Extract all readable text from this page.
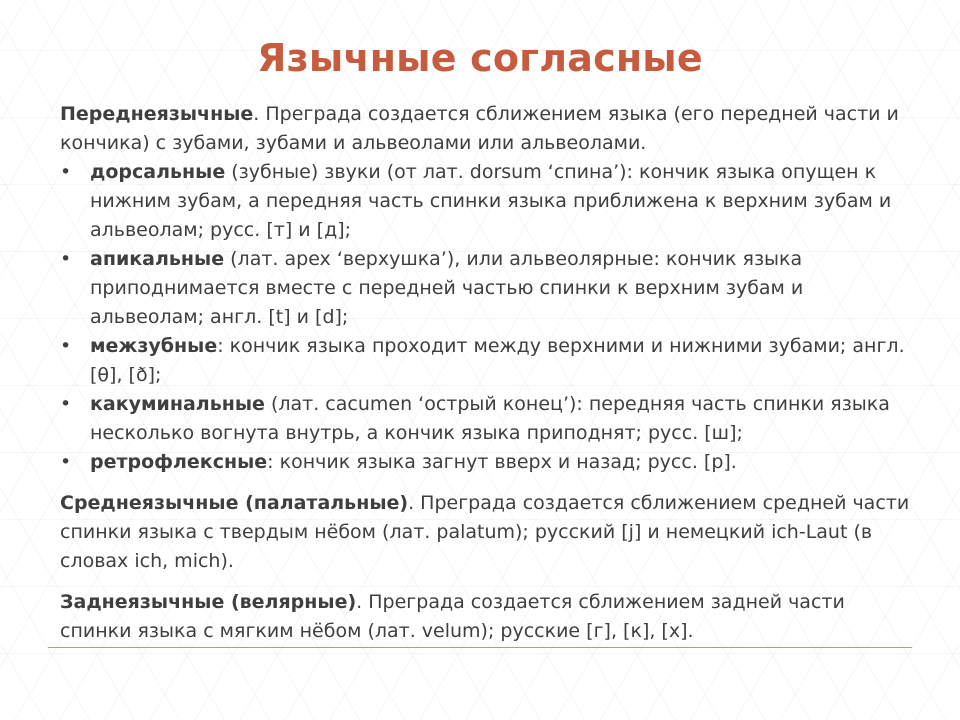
Язычные согласные

Переднеязычные. Преграда создается сближением языка (его передней части и кончика) с зубами, зубами и альвеолами или альвеолами.

• дорсальные (зубные) звуки (от лат. dorsum ‘спина’): кончик языка опущен к нижним зубам, а передняя часть спинки языка приближена к верхним зубам и альвеолам; русс. [т] и [д];
• апикальные (лат. apex ‘верхушка’), или альвеолярные: кончик языка приподнимается вместе с передней частью спинки к верхним зубам и альвеолам; англ. [t] и [d];
• межзубные: кончик языка проходит между верхними и нижними зубами; англ. [θ], [ð];
• какуминальные (лат. cacumen ‘острый конец’): передняя часть спинки языка несколько вогнута внутрь, а кончик языка приподнят; русс. [ш];
• ретрофлексные: кончик языка загнут вверх и назад; русс. [р].

Среднеязычные (палатальные). Преграда создается сближением средней части спинки языка с твердым нёбом (лат. palatum); русский [j] и немецкий ich-Laut (в словах ich, mich).

Заднеязычные (велярные). Преграда создается сближением задней части спинки языка с мягким нёбом (лат. velum); русские [г], [к], [х].
